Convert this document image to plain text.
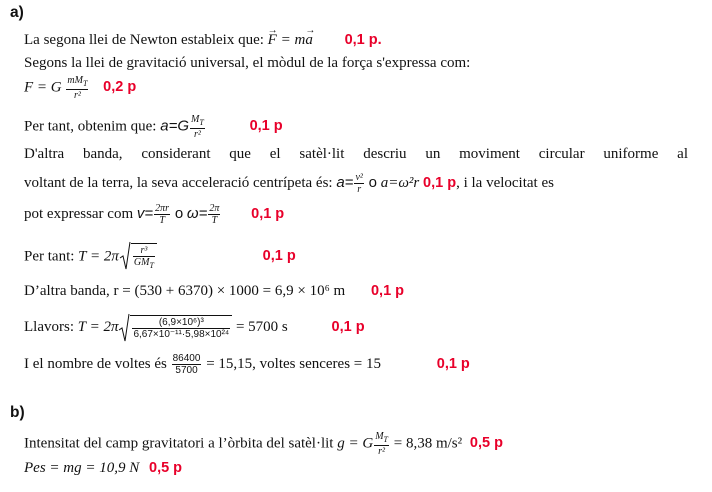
a)
La segona llei de Newton estableix que: F → = ma → 0,1 p.
Segons la llei de gravitació universal, el mòdul de la força s'expressa com:
F = G $\frac{mM_T}{\text{r²}} 0,2$ p
Per tant, obtenim que: $a=G \frac{M_T}{\text{r²}}$	0,1 p
D'altra banda, considerant que el satèl·lit descriu un moviment circular uniforme al
voltant de la terra, la seva acceleració centrípeta és: $a= \frac{\text{v²}}{r}$ o a=ω²r 0,1 p, i la velocitat es
pot expressar com $v= \frac{2\pi r}{T}$ o $\omega= \frac{2\pi}{T} 0,1$ p
Per tant: $T = 2\pi \frac{\text{r³}}{GM_T}$	0,1 p
D’altra banda, r = (530 + 6370) × 1000 = 6,9 × 10⁶ m 0,1 p
Llavors: $T = 2\pi \frac{\text{(6,9×10⁶)³}}{\text{6,67×10⁻¹¹·5,98×10²⁴}} = 5700$ s	0,1 p
I el nombre de voltes és $\frac{86400}{5700} = 15,15$, voltes senceres = 15	0,1 p
b)
Intensitat del camp gravitatori a l’òrbita del satèl·lit g = G $\frac{M_T}{\text{r²}} = 8,38$ m/s² 0,5 p
Pes = mg = 10,9 N 0,5 p
